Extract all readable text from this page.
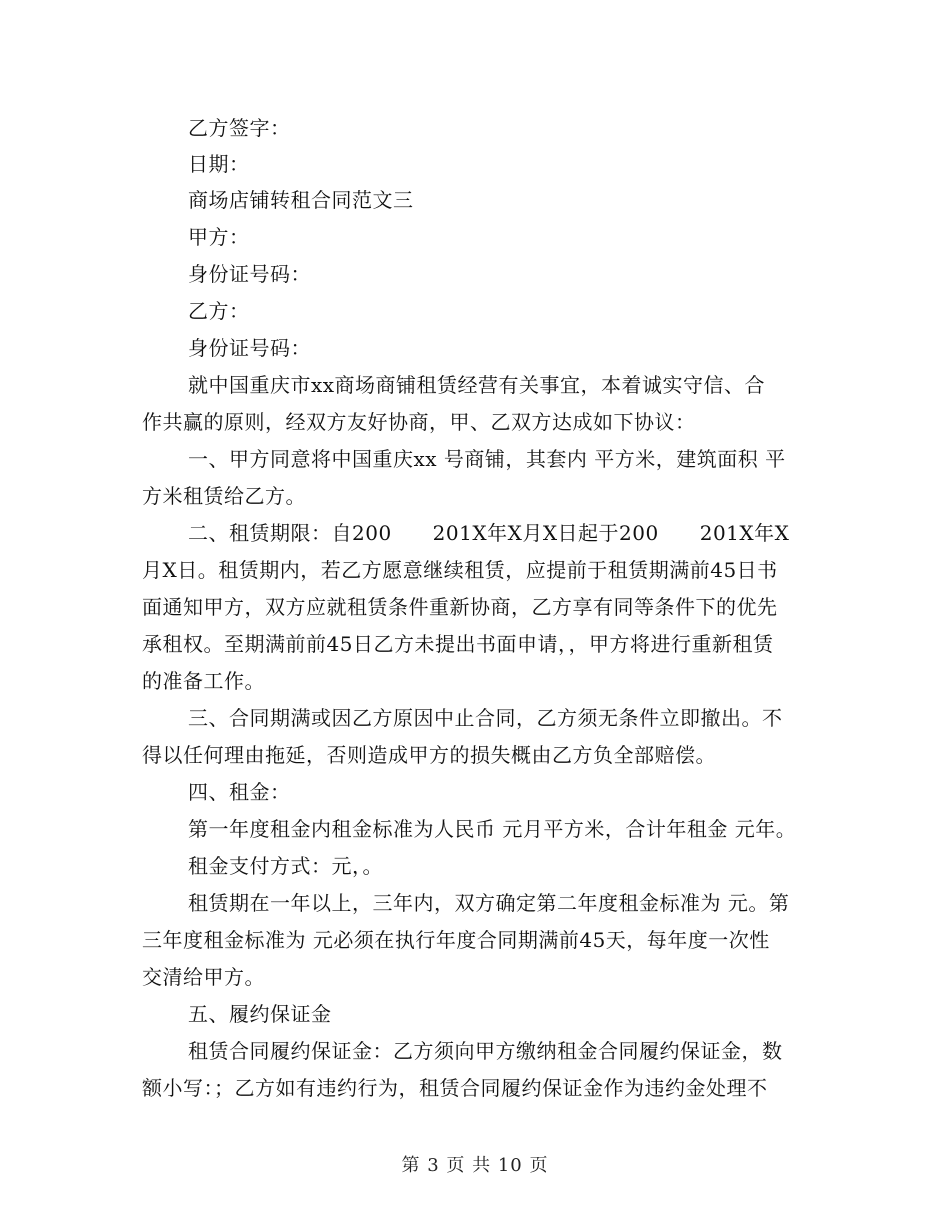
乙方签字：
日期：
商场店铺转租合同范文三
甲方：
身份证号码：
乙方：
身份证号码：
就中国重庆市xx商场商铺租赁经营有关事宜，本着诚实守信、合
作共赢的原则，经双方友好协商，甲、乙双方达成如下协议：
一、甲方同意将中国重庆xx 号商铺，其套内 平方米，建筑面积 平
方米租赁给乙方。
二、租赁期限：自200　　201X年X月X日起于200　　201X年X
月X日。租赁期内，若乙方愿意继续租赁，应提前于租赁期满前45日书
面通知甲方，双方应就租赁条件重新协商，乙方享有同等条件下的优先
承租权。至期满前前45日乙方未提出书面申请，，甲方将进行重新租赁
的准备工作。
三、合同期满或因乙方原因中止合同，乙方须无条件立即撤出。不
得以任何理由拖延，否则造成甲方的损失概由乙方负全部赔偿。
四、租金：
第一年度租金内租金标准为人民币 元月平方米，合计年租金 元年。
租金支付方式：元，。
租赁期在一年以上，三年内，双方确定第二年度租金标准为 元。第
三年度租金标准为 元必须在执行年度合同期满前45天，每年度一次性
交清给甲方。
五、履约保证金
租赁合同履约保证金：乙方须向甲方缴纳租金合同履约保证金，数
额小写：；乙方如有违约行为，租赁合同履约保证金作为违约金处理不
第 3 页 共 10 页
